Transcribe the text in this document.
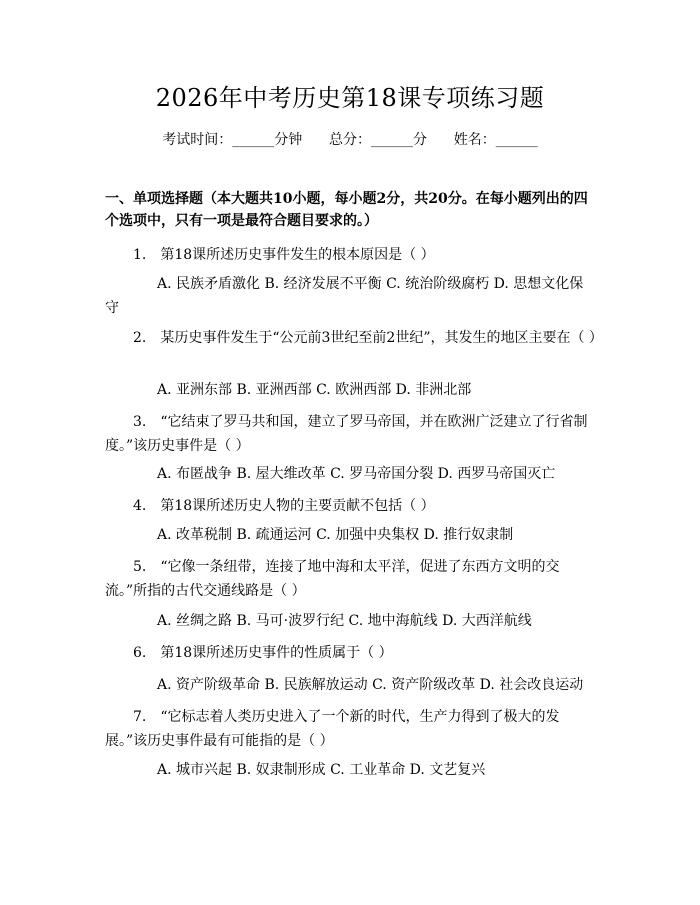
2026年中考历史第18课专项练习题
考试时间：______分钟      总分：______分      姓名：______
一、单项选择题（本大题共10小题，每小题2分，共20分。在每小题列出的四个选项中，只有一项是最符合题目要求的。）
1.　第18课所述历史事件发生的根本原因是（ ）
A. 民族矛盾激化 B. 经济发展不平衡 C. 统治阶级腐朽 D. 思想文化保守
2.　某历史事件发生于“公元前3世纪至前2世纪”，其发生的地区主要在（ ）
A. 亚洲东部 B. 亚洲西部 C. 欧洲西部 D. 非洲北部
3.　“它结束了罗马共和国，建立了罗马帝国，并在欧洲广泛建立了行省制度。”该历史事件是（ ）
A. 布匿战争 B. 屋大维改革 C. 罗马帝国分裂 D. 西罗马帝国灭亡
4.　第18课所述历史人物的主要贡献不包括（ ）
A. 改革税制 B. 疏通运河 C. 加强中央集权 D. 推行奴隶制
5.　“它像一条纽带，连接了地中海和太平洋，促进了东西方文明的交流。”所指的古代交通线路是（ ）
A. 丝绸之路 B. 马可·波罗行纪 C. 地中海航线 D. 大西洋航线
6.　第18课所述历史事件的性质属于（ ）
A. 资产阶级革命 B. 民族解放运动 C. 资产阶级改革 D. 社会改良运动
7.　“它标志着人类历史进入了一个新的时代，生产力得到了极大的发展。”该历史事件最有可能指的是（ ）
A. 城市兴起 B. 奴隶制形成 C. 工业革命 D. 文艺复兴
